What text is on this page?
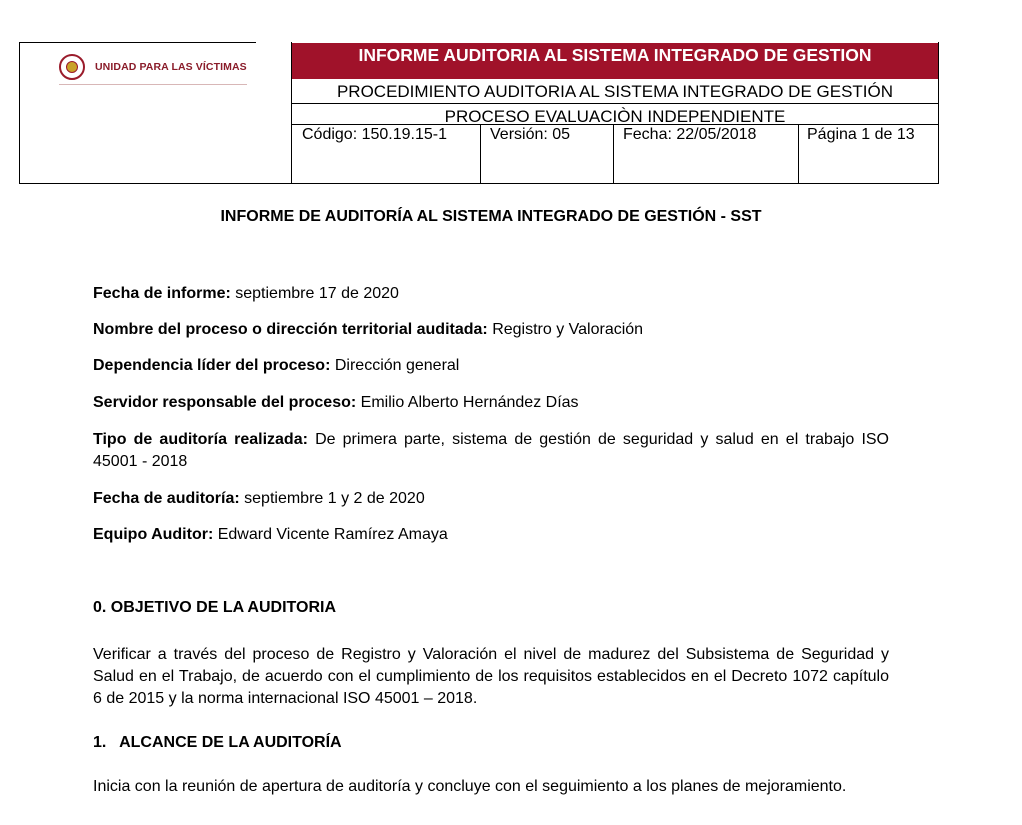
UNIDAD PARA LAS VÍCTIMAS
INFORME AUDITORIA AL SISTEMA INTEGRADO DE GESTION
PROCEDIMIENTO AUDITORIA AL SISTEMA INTEGRADO DE GESTIÓN
PROCESO EVALUACIÒN INDEPENDIENTE
Código: 150.19.15-1	Versión: 05	Fecha: 22/05/2018	Página 1 de 13
INFORME DE AUDITORÍA AL SISTEMA INTEGRADO DE GESTIÓN - SST
Fecha de informe: septiembre 17 de 2020
Nombre del proceso o dirección territorial auditada: Registro y Valoración
Dependencia líder del proceso: Dirección general
Servidor responsable del proceso: Emilio Alberto Hernández Días
Tipo de auditoría realizada: De primera parte, sistema de gestión de seguridad y salud en el trabajo ISO 45001 - 2018
Fecha de auditoría: septiembre 1 y 2 de 2020
Equipo Auditor: Edward Vicente Ramírez Amaya
0. OBJETIVO DE LA AUDITORIA
Verificar a través del proceso de Registro y Valoración el nivel de madurez del Subsistema de Seguridad y Salud en el Trabajo, de acuerdo con el cumplimiento de los requisitos establecidos en el Decreto 1072 capítulo 6 de 2015 y la norma internacional ISO 45001 – 2018.
1.   ALCANCE DE LA AUDITORÍA
Inicia con la reunión de apertura de auditoría y concluye con el seguimiento a los planes de mejoramiento.
